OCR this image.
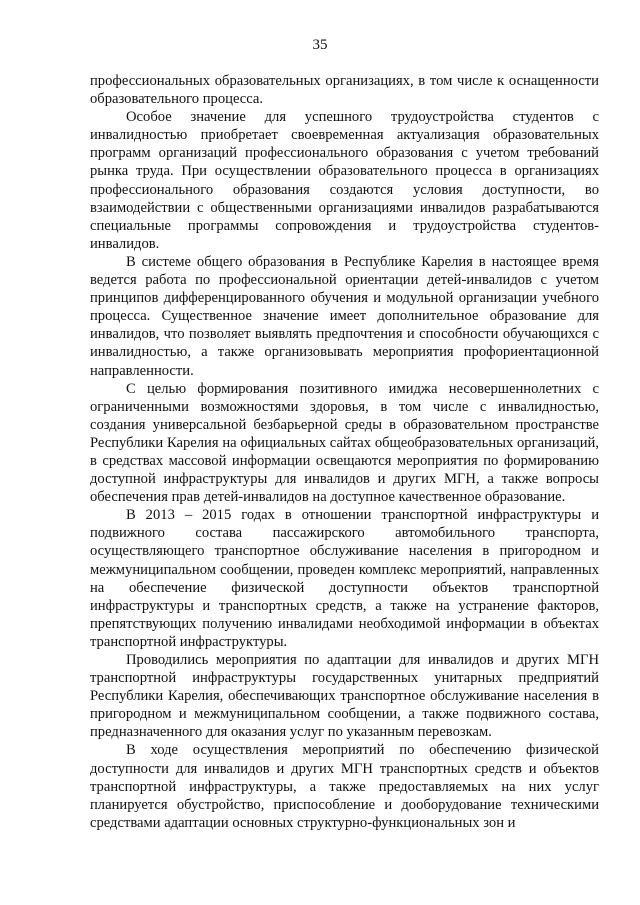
35

профессиональных образовательных организациях, в том числе к оснащенности образовательного процесса.

Особое значение для успешного трудоустройства студентов с инвалидностью приобретает своевременная актуализация образовательных программ организаций профессионального образования с учетом требований рынка труда. При осуществлении образовательного процесса в организациях профессионального образования создаются условия доступности, во взаимодействии с общественными организациями инвалидов разрабатываются специальные программы сопровождения и трудоустройства студентов-инвалидов.

В системе общего образования в Республике Карелия в настоящее время ведется работа по профессиональной ориентации детей-инвалидов с учетом принципов дифференцированного обучения и модульной организации учебного процесса. Существенное значение имеет дополнительное образование для инвалидов, что позволяет выявлять предпочтения и способности обучающихся с инвалидностью, а также организовывать мероприятия профориентационной направленности.

С целью формирования позитивного имиджа несовершеннолетних с ограниченными возможностями здоровья, в том числе с инвалидностью, создания универсальной безбарьерной среды в образовательном пространстве Республики Карелия на официальных сайтах общеобразовательных организаций, в средствах массовой информации освещаются мероприятия по формированию доступной инфраструктуры для инвалидов и других МГН, а также вопросы обеспечения прав детей-инвалидов на доступное качественное образование.

В 2013 – 2015 годах в отношении транспортной инфраструктуры и подвижного состава пассажирского автомобильного транспорта, осуществляющего транспортное обслуживание населения в пригородном и межмуниципальном сообщении, проведен комплекс мероприятий, направленных на обеспечение физической доступности объектов транспортной инфраструктуры и транспортных средств, а также на устранение факторов, препятствующих получению инвалидами необходимой информации в объектах транспортной инфраструктуры.

Проводились мероприятия по адаптации для инвалидов и других МГН транспортной инфраструктуры государственных унитарных предприятий Республики Карелия, обеспечивающих транспортное обслуживание населения в пригородном и межмуниципальном сообщении, а также подвижного состава, предназначенного для оказания услуг по указанным перевозкам.

В ходе осуществления мероприятий по обеспечению физической доступности для инвалидов и других МГН транспортных средств и объектов транспортной инфраструктуры, а также предоставляемых на них услуг планируется обустройство, приспособление и дооборудование техническими средствами адаптации основных структурно-функциональных зон и
